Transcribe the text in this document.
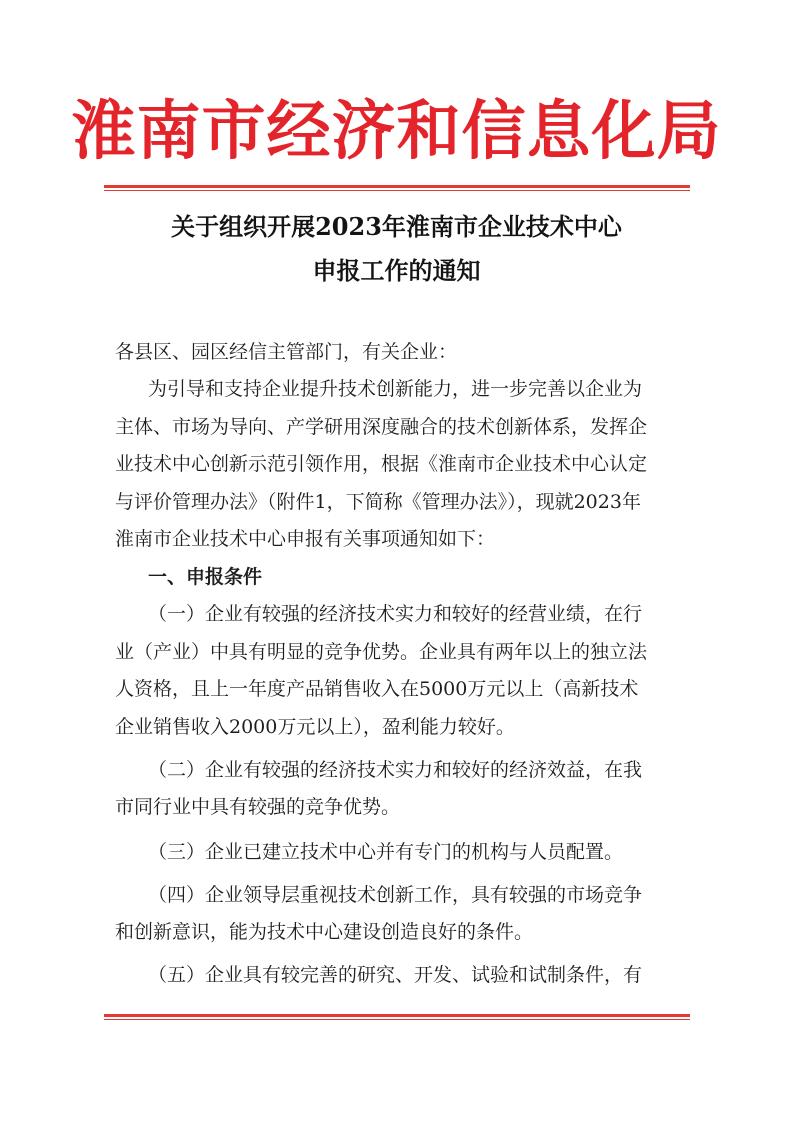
淮南市经济和信息化局
关于组织开展2023年淮南市企业技术中心
申报工作的通知
各县区、园区经信主管部门，有关企业：
为引导和支持企业提升技术创新能力，进一步完善以企业为
主体、市场为导向、产学研用深度融合的技术创新体系，发挥企
业技术中心创新示范引领作用，根据《淮南市企业技术中心认定
与评价管理办法》（附件1，下简称《管理办法》），现就2023年
淮南市企业技术中心申报有关事项通知如下：
一、申报条件
（一）企业有较强的经济技术实力和较好的经营业绩，在行
业（产业）中具有明显的竞争优势。企业具有两年以上的独立法
人资格，且上一年度产品销售收入在5000万元以上（高新技术
企业销售收入2000万元以上），盈利能力较好。
（二）企业有较强的经济技术实力和较好的经济效益，在我
市同行业中具有较强的竞争优势。
（三）企业已建立技术中心并有专门的机构与人员配置。
（四）企业领导层重视技术创新工作，具有较强的市场竞争
和创新意识，能为技术中心建设创造良好的条件。
（五）企业具有较完善的研究、开发、试验和试制条件，有
